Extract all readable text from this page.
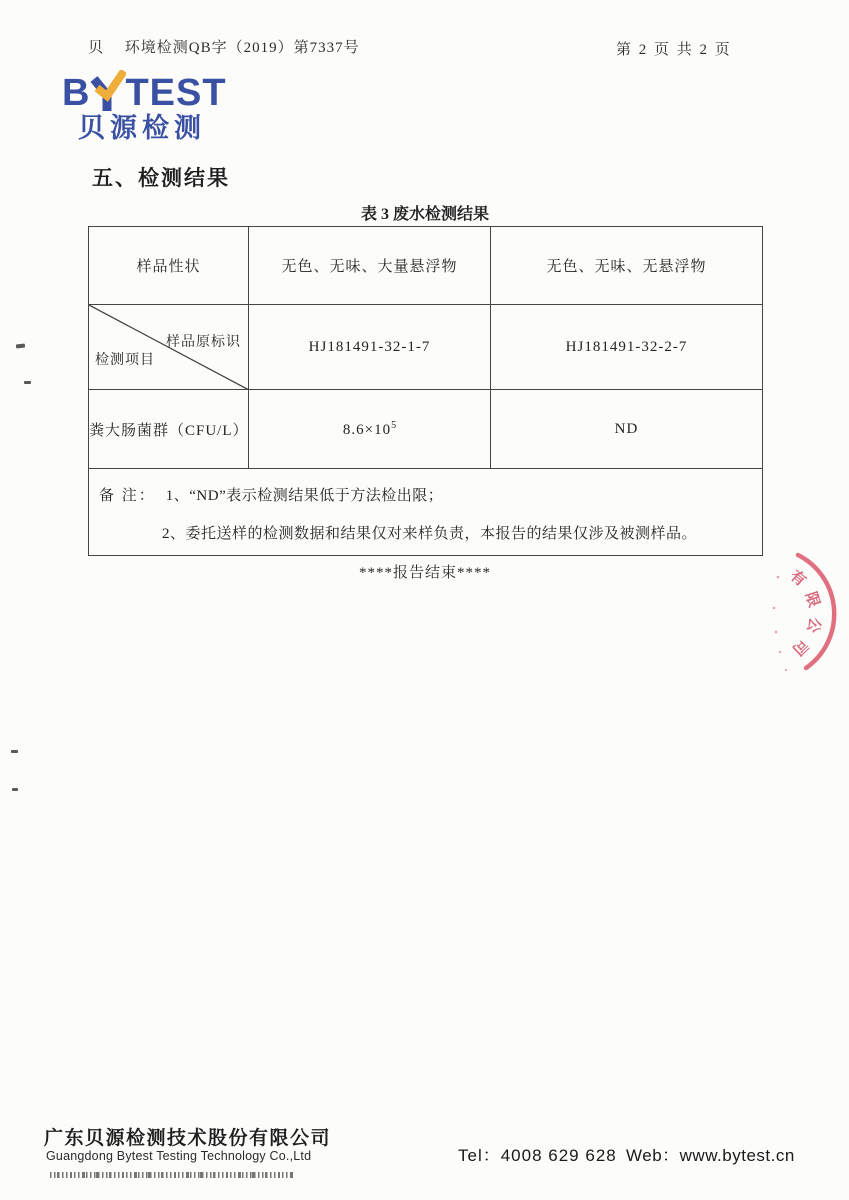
贝　 环境检测QB字（2019）第7337号	第 2 页 共 2 页
B TEST
贝源检测
五、检测结果
表 3 废水检测结果
样品性状	无色、无味、大量悬浮物	无色、无味、无悬浮物

样品原标识
检测项目	HJ181491-32-1-7	HJ181491-32-2-7
粪大肠菌群（CFU/L）	$8.6\times 10^5$	ND

备 注： 1、“ND”表示检测结果低于方法检出限；
2、委托送样的检测数据和结果仅对来样负责，本报告的结果仅涉及被测样品。		
****报告结束****	有
限
公
司
广东贝源检测技术股份有限公司
Guangdong Bytest Testing Technology Co.,Ltd	Tel：4008 629 628 Web：www.bytest.cn
